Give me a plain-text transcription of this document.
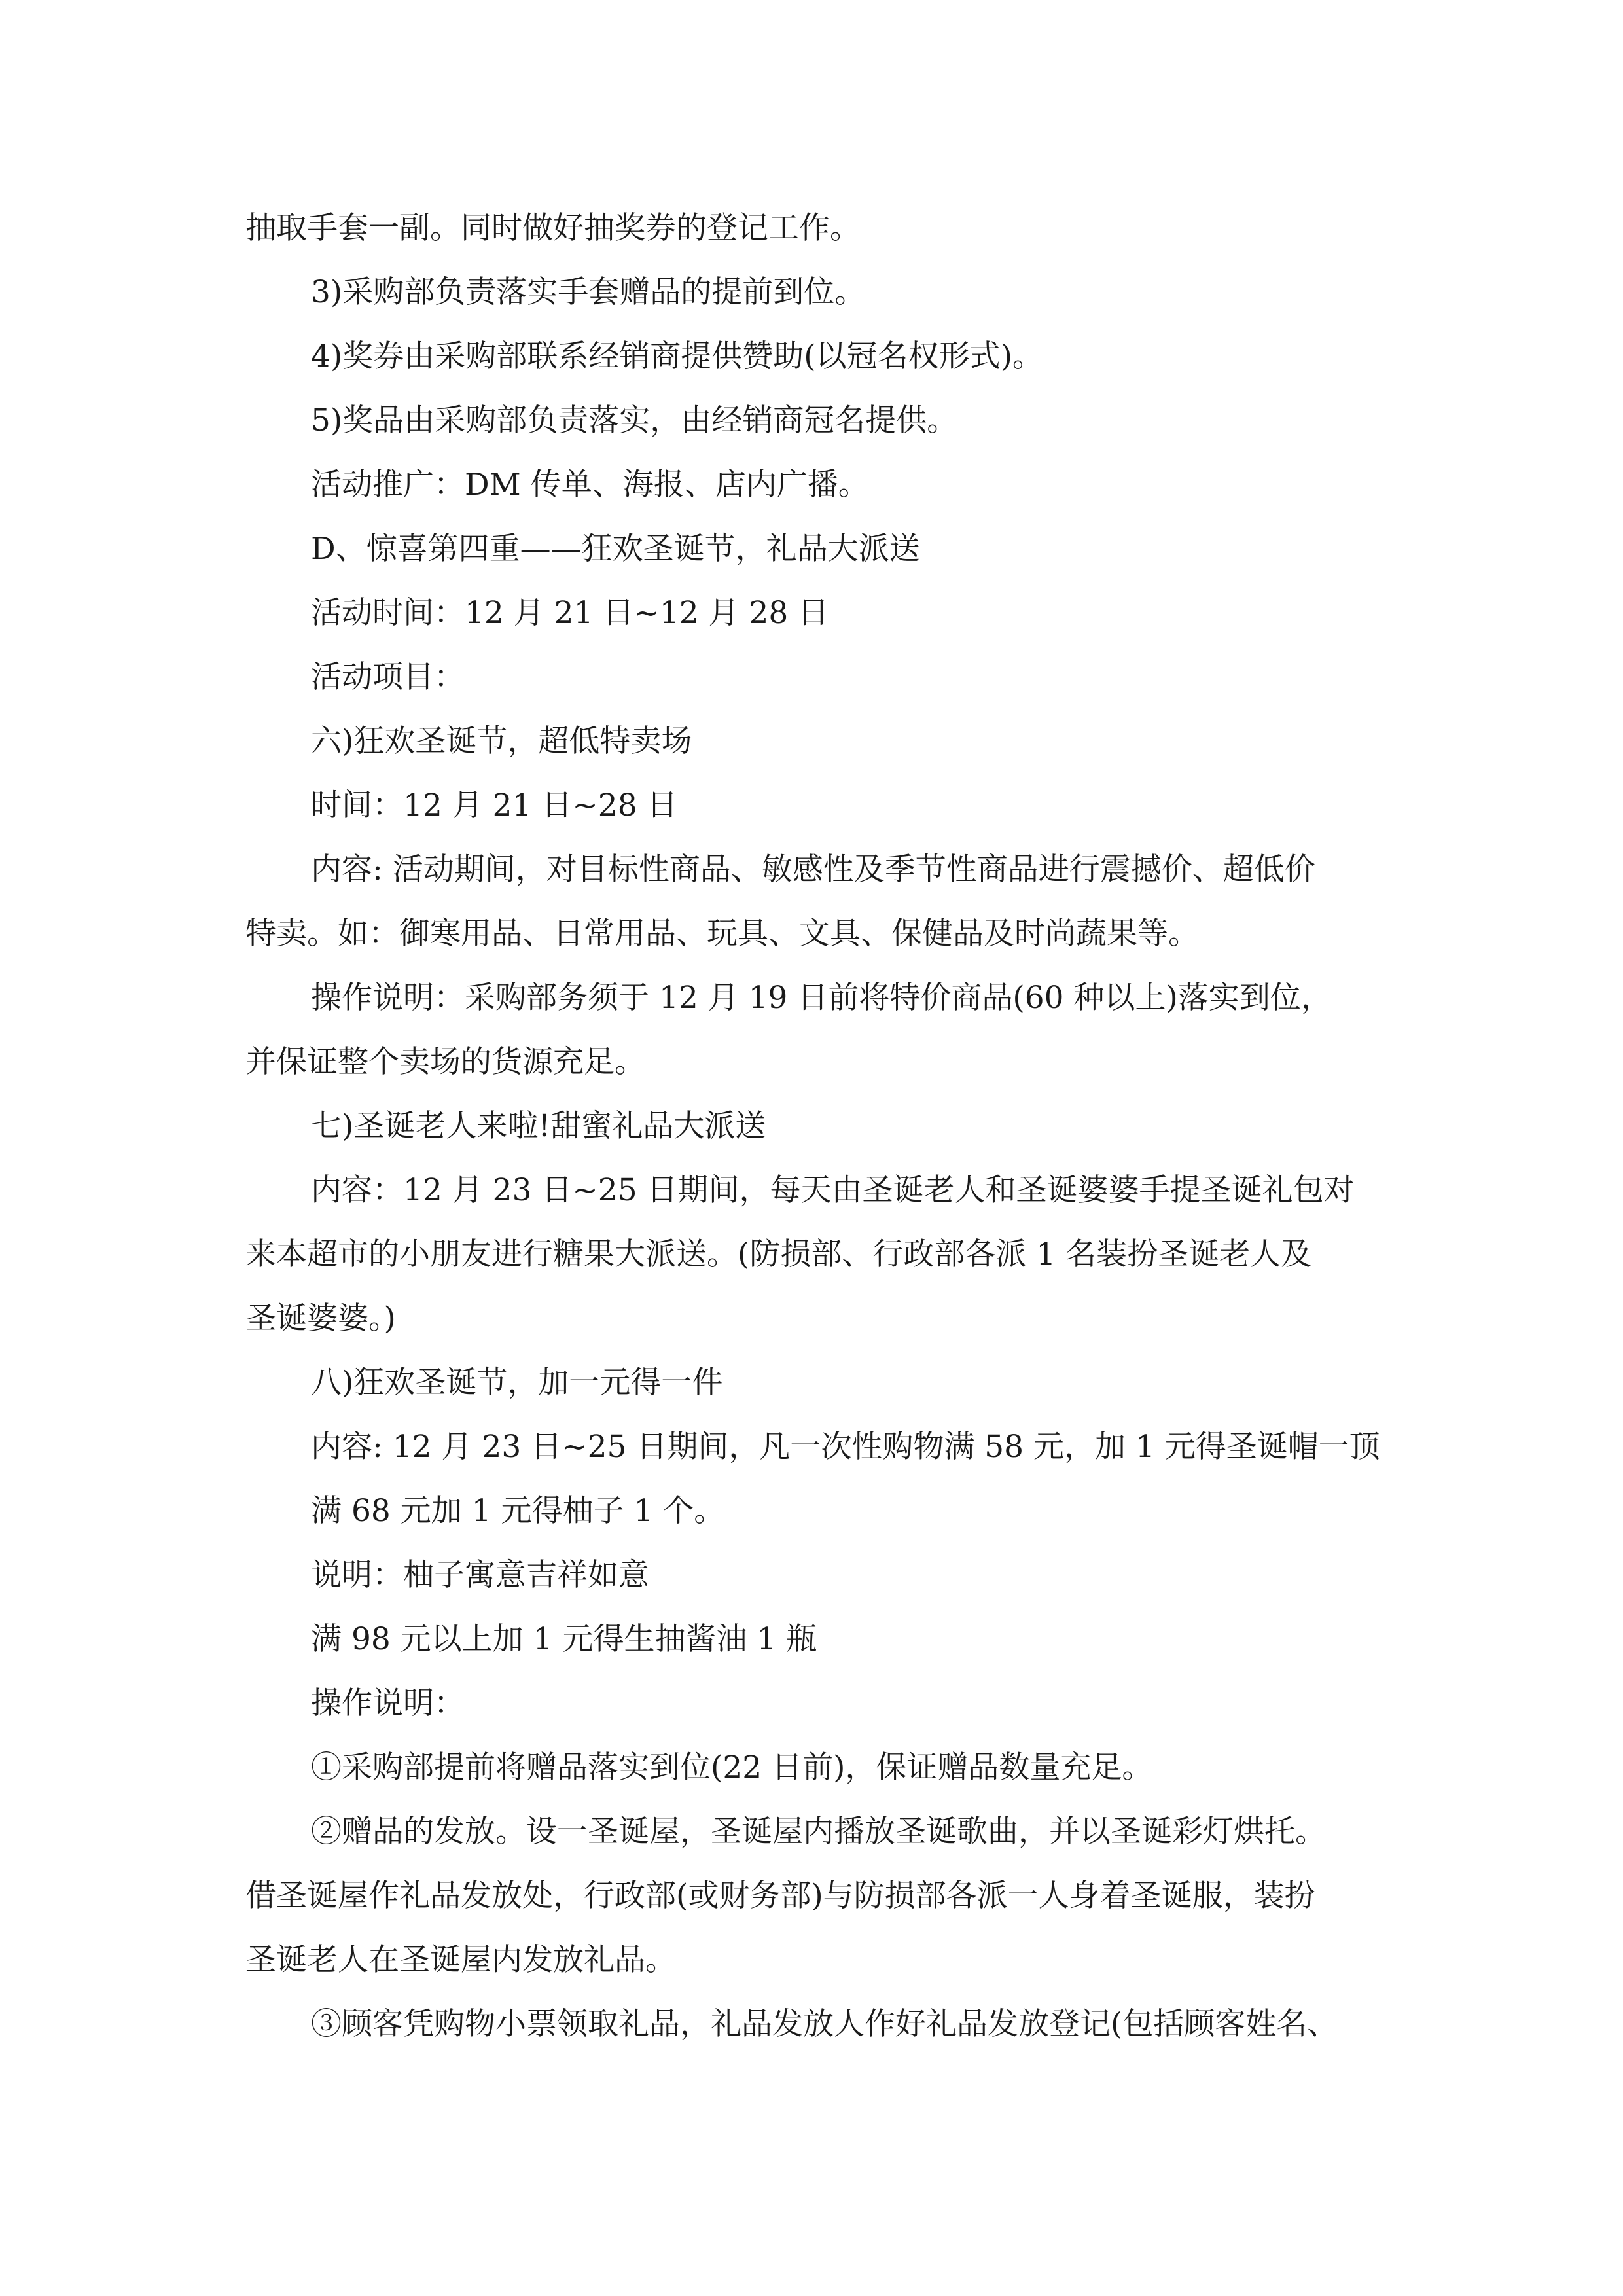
抽取手套一副。同时做好抽奖券的登记工作。
3)采购部负责落实手套赠品的提前到位。
4)奖券由采购部联系经销商提供赞助(以冠名权形式)。
5)奖品由采购部负责落实，由经销商冠名提供。
活动推广：DM 传单、海报、店内广播。
D、惊喜第四重——狂欢圣诞节，礼品大派送
活动时间：12 月 21 日~12 月 28 日
活动项目：
六)狂欢圣诞节，超低特卖场
时间：12 月 21 日~28 日
内容: 活动期间，对目标性商品、敏感性及季节性商品进行震撼价、超低价
特卖。如：御寒用品、日常用品、玩具、文具、保健品及时尚蔬果等。
操作说明：采购部务须于 12 月 19 日前将特价商品(60 种以上)落实到位，
并保证整个卖场的货源充足。
七)圣诞老人来啦!甜蜜礼品大派送
内容：12 月 23 日~25 日期间，每天由圣诞老人和圣诞婆婆手提圣诞礼包对
来本超市的小朋友进行糖果大派送。(防损部、行政部各派 1 名装扮圣诞老人及
圣诞婆婆。)
八)狂欢圣诞节，加一元得一件
内容: 12 月 23 日~25 日期间，凡一次性购物满 58 元，加 1 元得圣诞帽一顶
满 68 元加 1 元得柚子 1 个。
说明：柚子寓意吉祥如意
满 98 元以上加 1 元得生抽酱油 1 瓶
操作说明：
①采购部提前将赠品落实到位(22 日前)，保证赠品数量充足。
②赠品的发放。设一圣诞屋，圣诞屋内播放圣诞歌曲，并以圣诞彩灯烘托。
借圣诞屋作礼品发放处，行政部(或财务部)与防损部各派一人身着圣诞服，装扮
圣诞老人在圣诞屋内发放礼品。
③顾客凭购物小票领取礼品，礼品发放人作好礼品发放登记(包括顾客姓名、
